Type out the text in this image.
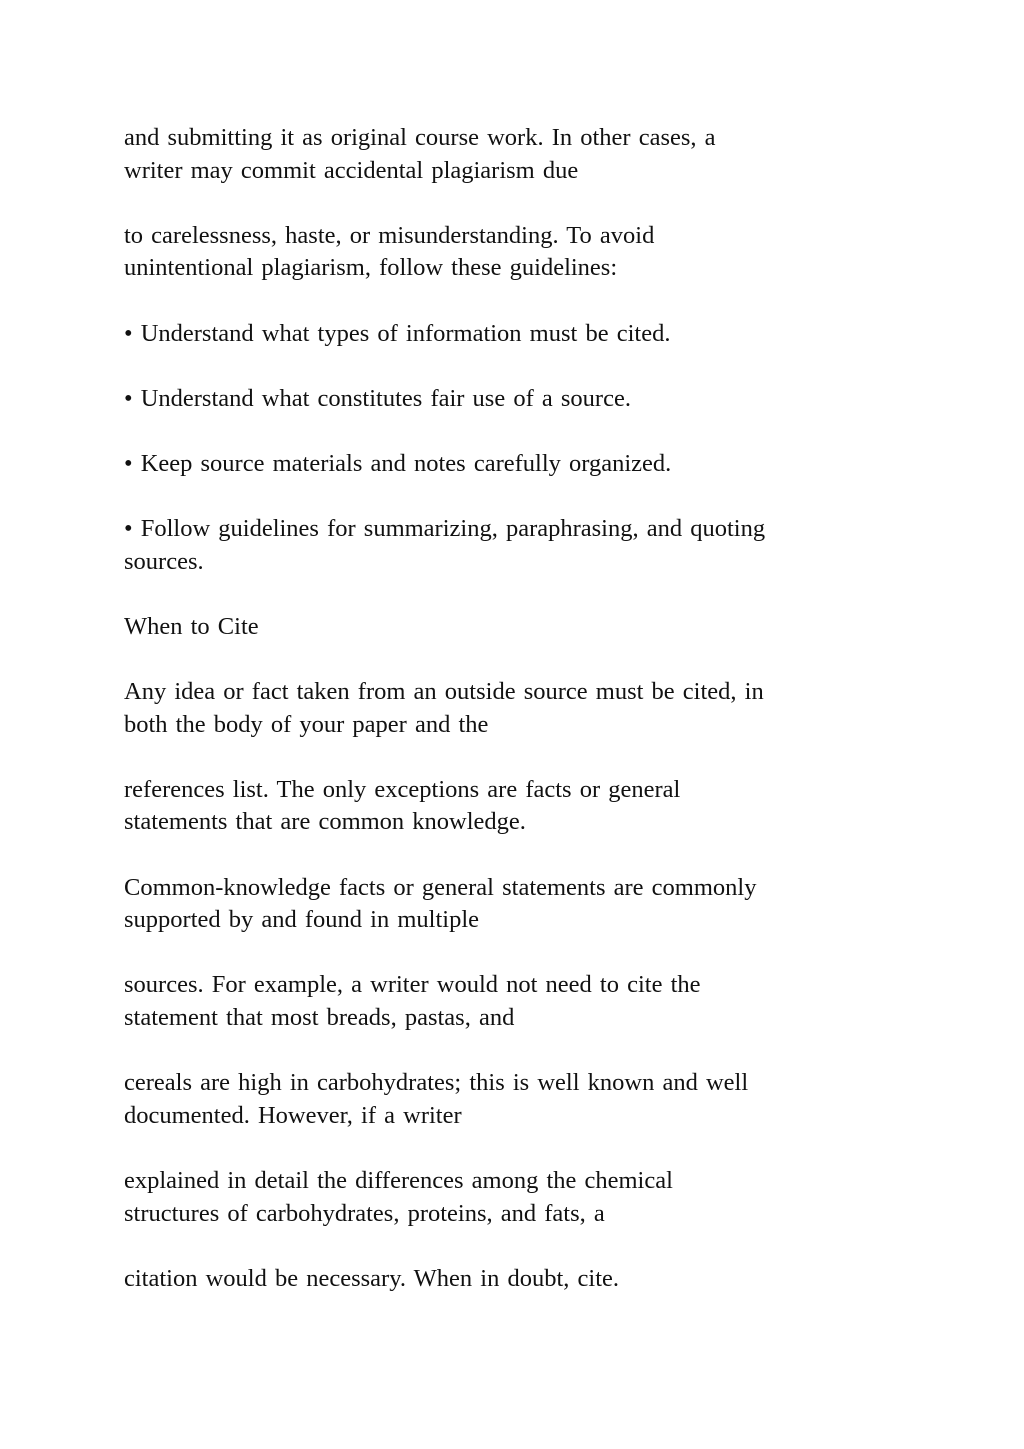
and submitting it as original course work. In other cases, a
writer may commit accidental plagiarism due

to carelessness, haste, or misunderstanding. To avoid
unintentional plagiarism, follow these guidelines:

• Understand what types of information must be cited.

• Understand what constitutes fair use of a source.

• Keep source materials and notes carefully organized.

• Follow guidelines for summarizing, paraphrasing, and quoting
sources.

When to Cite

Any idea or fact taken from an outside source must be cited, in
both the body of your paper and the

references list. The only exceptions are facts or general
statements that are common knowledge.

Common-knowledge facts or general statements are commonly
supported by and found in multiple

sources. For example, a writer would not need to cite the
statement that most breads, pastas, and

cereals are high in carbohydrates; this is well known and well
documented. However, if a writer

explained in detail the differences among the chemical
structures of carbohydrates, proteins, and fats, a

citation would be necessary. When in doubt, cite.
